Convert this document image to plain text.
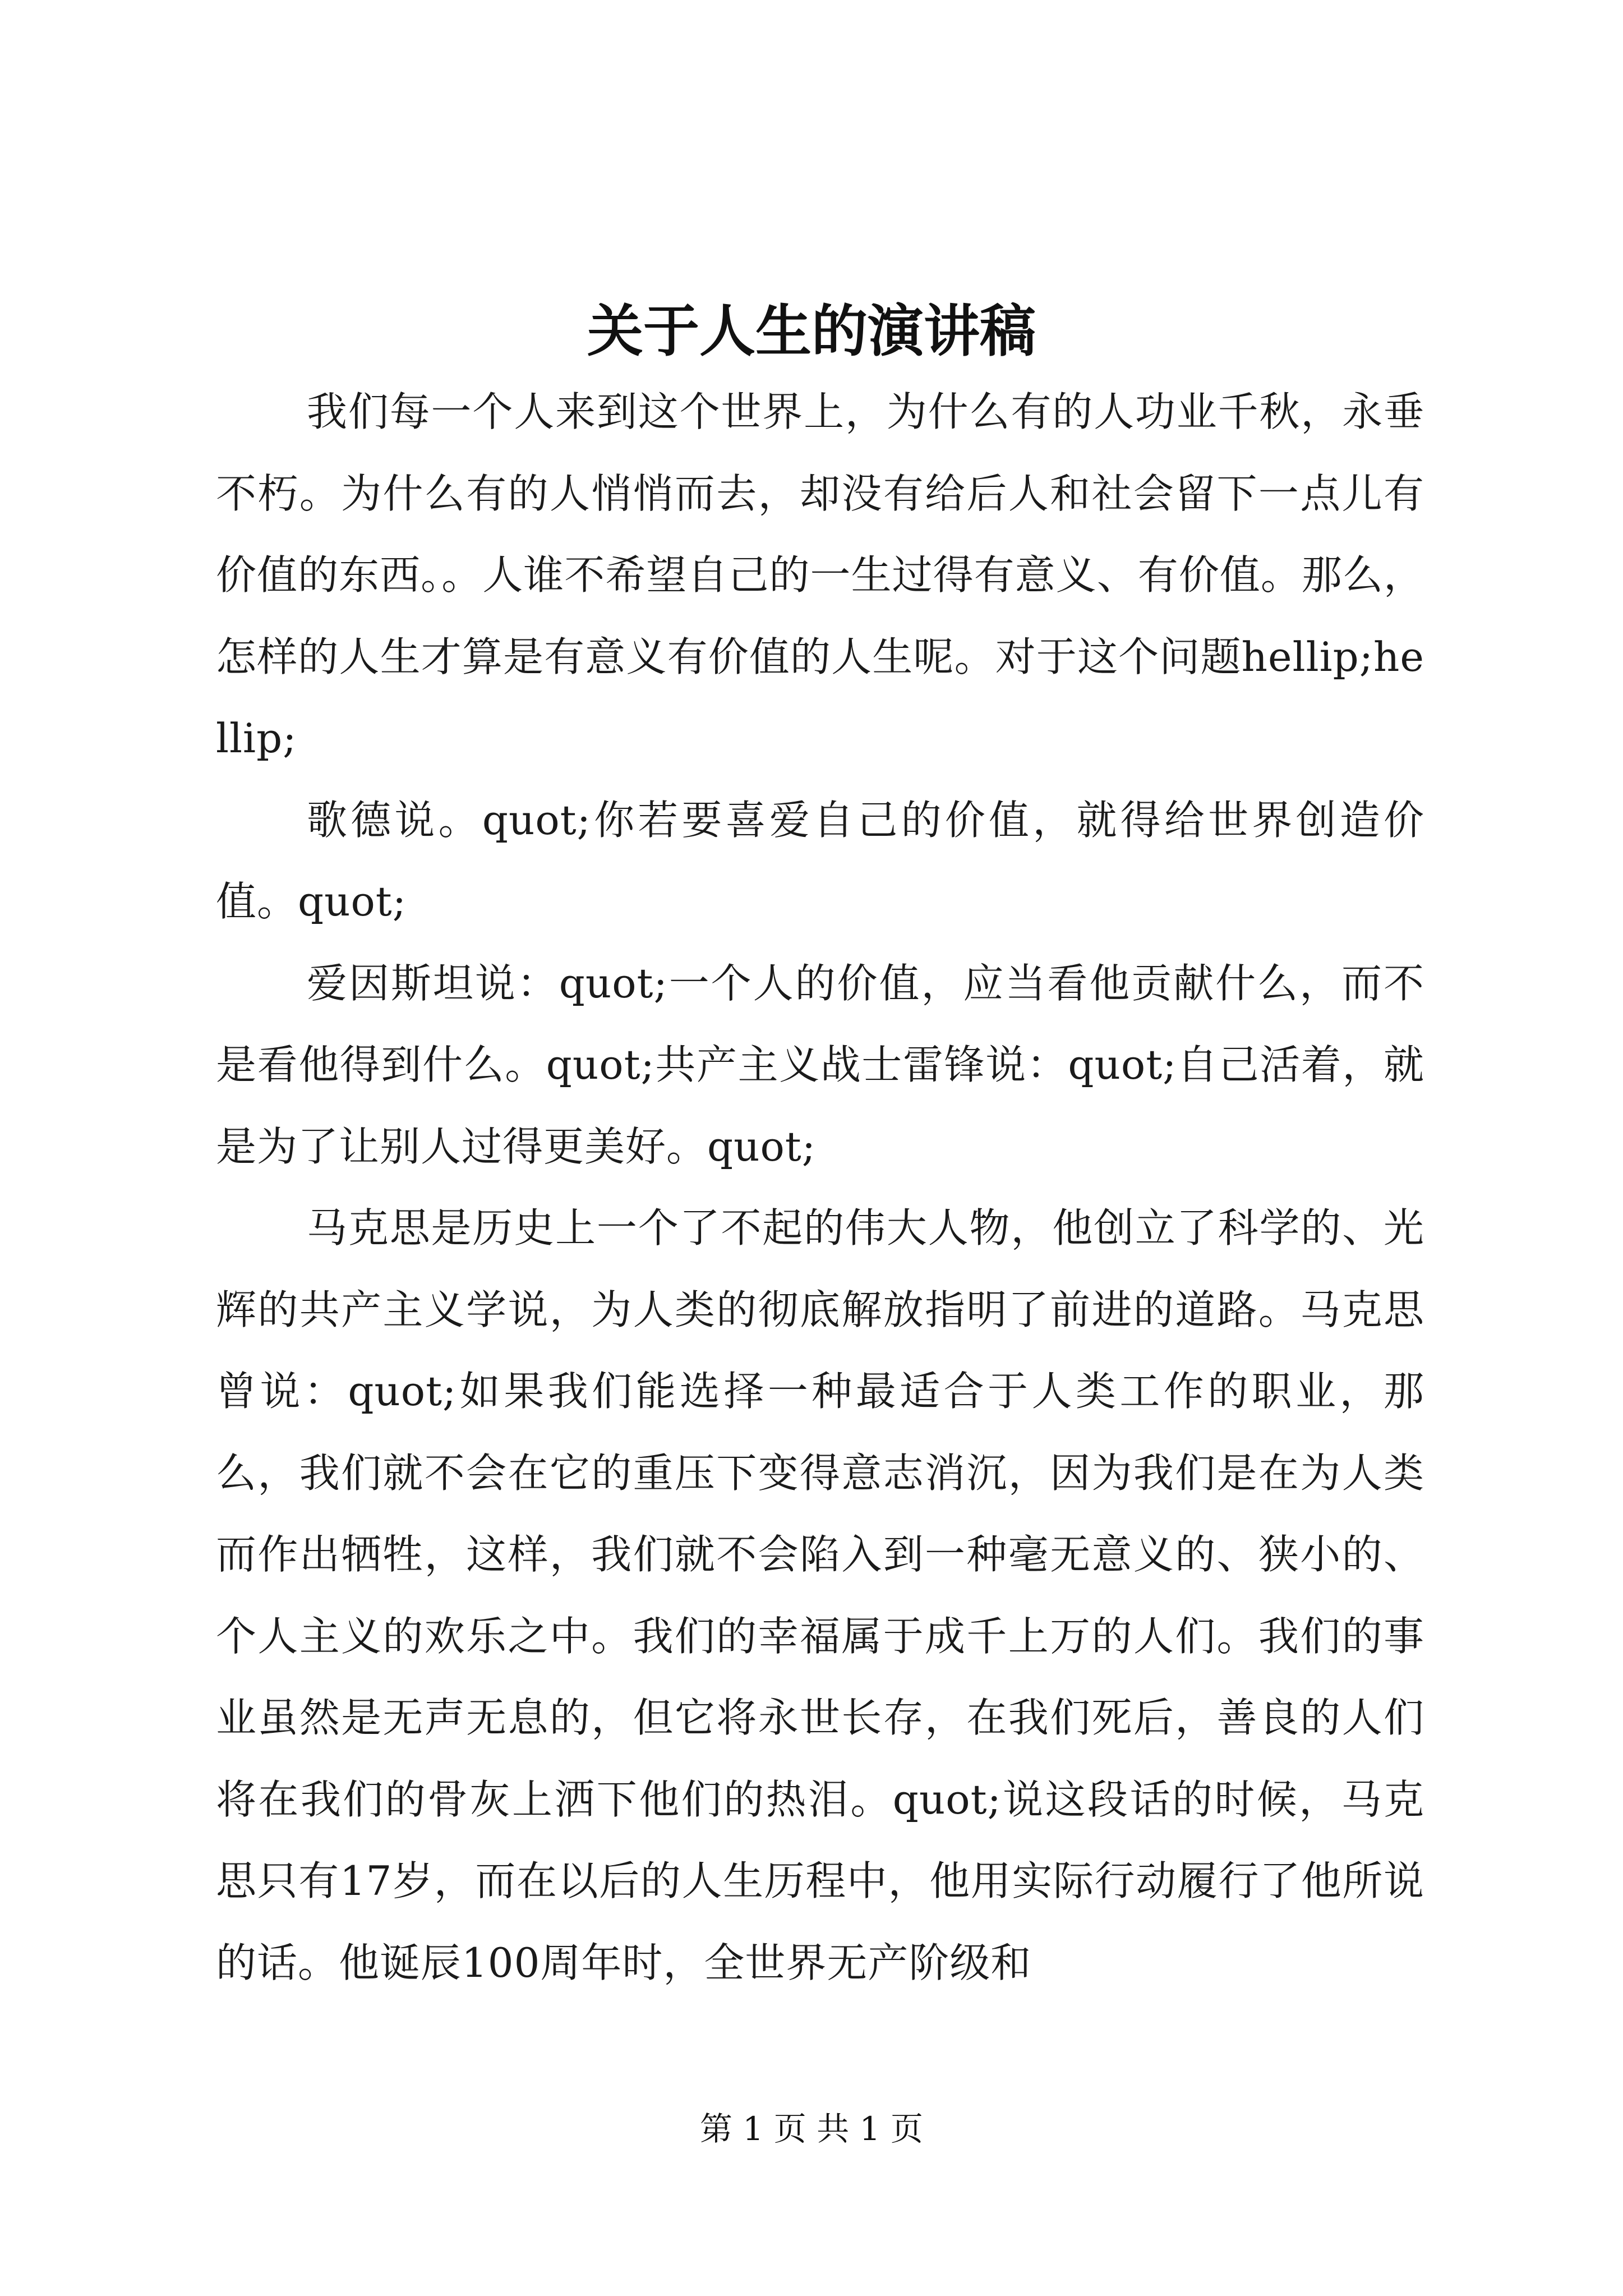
关于人生的演讲稿

我们每一个人来到这个世界上，为什么有的人功业千秋，永垂不朽。为什么有的人悄悄而去，却没有给后人和社会留下一点儿有价值的东西。。人谁不希望自己的一生过得有意义、有价值。那么，怎样的人生才算是有意义有价值的人生呢。对于这个问题hellip;hellip;

歌德说。quot;你若要喜爱自己的价值，就得给世界创造价值。quot;

爱因斯坦说：quot;一个人的价值，应当看他贡献什么，而不是看他得到什么。quot;共产主义战士雷锋说：quot;自己活着，就是为了让别人过得更美好。quot;

马克思是历史上一个了不起的伟大人物，他创立了科学的、光辉的共产主义学说，为人类的彻底解放指明了前进的道路。马克思曾说：quot;如果我们能选择一种最适合于人类工作的职业，那么，我们就不会在它的重压下变得意志消沉，因为我们是在为人类而作出牺牲，这样，我们就不会陷入到一种毫无意义的、狭小的、个人主义的欢乐之中。我们的幸福属于成千上万的人们。我们的事业虽然是无声无息的，但它将永世长存，在我们死后，善良的人们将在我们的骨灰上洒下他们的热泪。quot;说这段话的时候，马克思只有17岁，而在以后的人生历程中，他用实际行动履行了他所说的话。他诞辰100周年时，全世界无产阶级和

第 1 页 共 1 页
